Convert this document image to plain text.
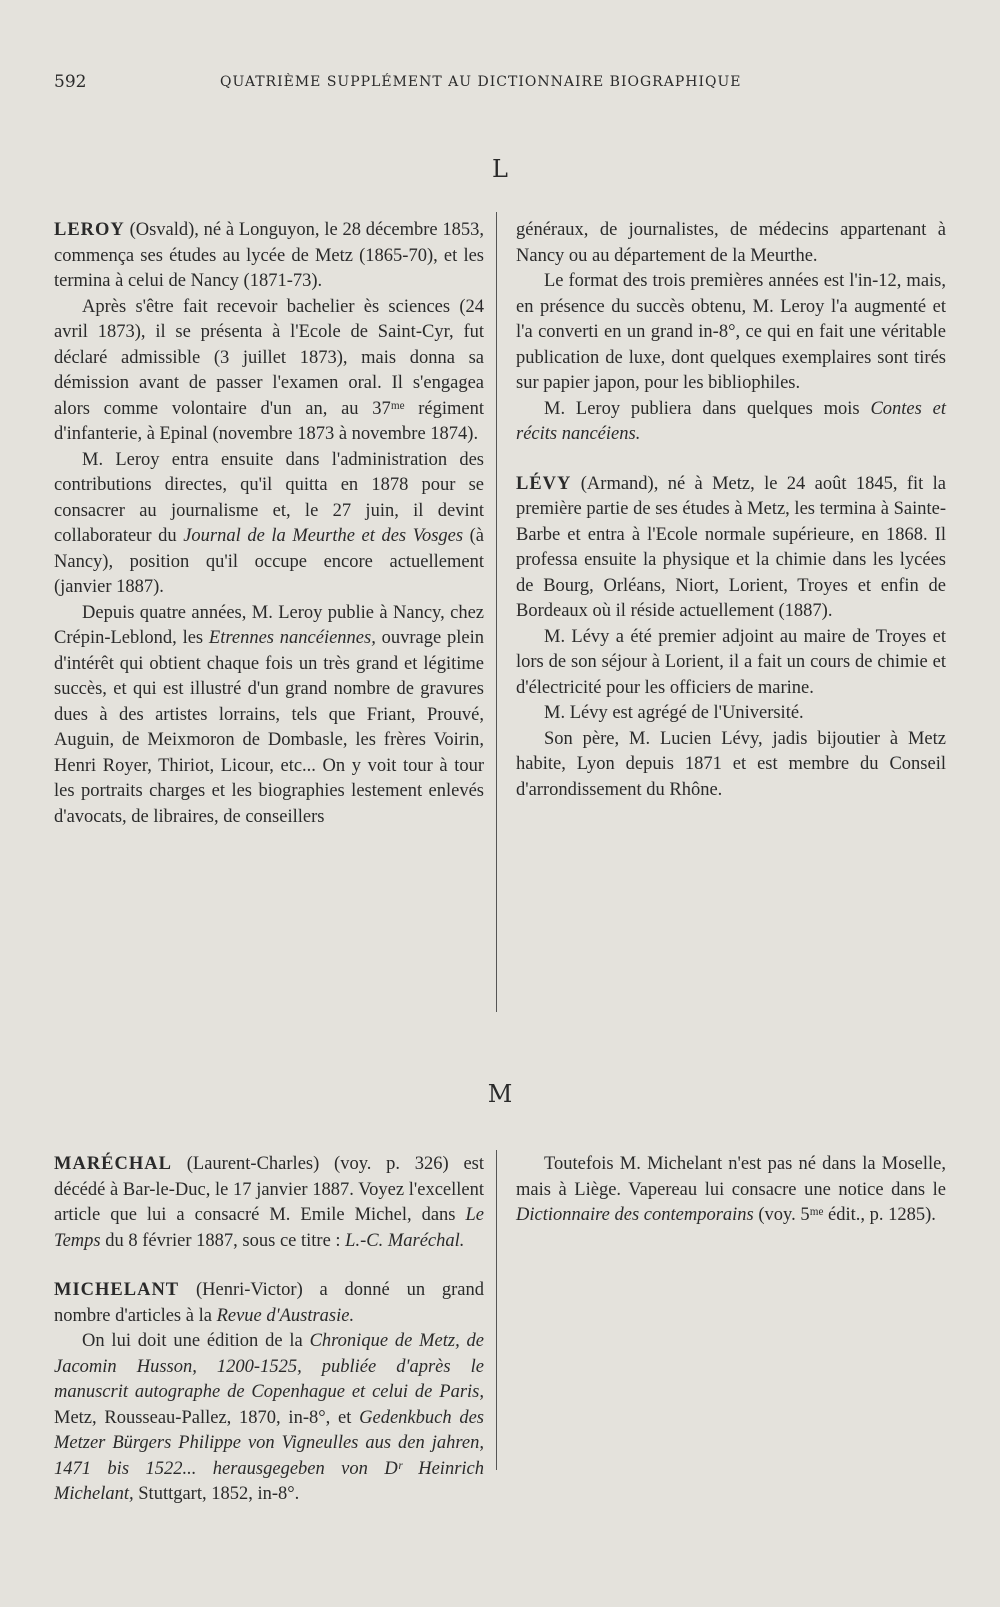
592	QUATRIÈME SUPPLÉMENT AU DICTIONNAIRE BIOGRAPHIQUE
L

LEROY (Osvald), né à Longuyon, le 28 décembre 1853, commença ses études au lycée de Metz (1865-70), et les termina à celui de Nancy (1871-73).

Après s'être fait recevoir bachelier ès sciences (24 avril 1873), il se présenta à l'Ecole de Saint-Cyr, fut déclaré admissible (3 juillet 1873), mais donna sa démission avant de passer l'examen oral. Il s'engagea alors comme volontaire d'un an, au 37ᵐᵉ régiment d'infanterie, à Epinal (novembre 1873 à novembre 1874).

M. Leroy entra ensuite dans l'administration des contributions directes, qu'il quitta en 1878 pour se consacrer au journalisme et, le 27 juin, il devint collaborateur du Journal de la Meurthe et des Vosges (à Nancy), position qu'il occupe encore actuellement (janvier 1887).

Depuis quatre années, M. Leroy publie à Nancy, chez Crépin-Leblond, les Etrennes nancéiennes, ouvrage plein d'intérêt qui obtient chaque fois un très grand et légitime succès, et qui est illustré d'un grand nombre de gravures dues à des artistes lorrains, tels que Friant, Prouvé, Auguin, de Meixmoron de Dombasle, les frères Voirin, Henri Royer, Thiriot, Licour, etc... On y voit tour à tour les portraits charges et les biographies lestement enlevés d'avocats, de libraires, de conseillers

généraux, de journalistes, de médecins appartenant à Nancy ou au département de la Meurthe.

Le format des trois premières années est l'in-12, mais, en présence du succès obtenu, M. Leroy l'a augmenté et l'a converti en un grand in-8°, ce qui en fait une véritable publication de luxe, dont quelques exemplaires sont tirés sur papier japon, pour les bibliophiles.

M. Leroy publiera dans quelques mois Contes et récits nancéiens.

LÉVY (Armand), né à Metz, le 24 août 1845, fit la première partie de ses études à Metz, les termina à Sainte-Barbe et entra à l'Ecole normale supérieure, en 1868. Il professa ensuite la physique et la chimie dans les lycées de Bourg, Orléans, Niort, Lorient, Troyes et enfin de Bordeaux où il réside actuellement (1887).

M. Lévy a été premier adjoint au maire de Troyes et lors de son séjour à Lorient, il a fait un cours de chimie et d'électricité pour les officiers de marine.

M. Lévy est agrégé de l'Université.

Son père, M. Lucien Lévy, jadis bijoutier à Metz habite, Lyon depuis 1871 et est membre du Conseil d'arrondissement du Rhône.

M

MARÉCHAL (Laurent-Charles) (voy. p. 326) est décédé à Bar-le-Duc, le 17 janvier 1887. Voyez l'excellent article que lui a consacré M. Emile Michel, dans Le Temps du 8 février 1887, sous ce titre : L.-C. Maréchal.

MICHELANT (Henri-Victor) a donné un grand nombre d'articles à la Revue d'Austrasie.

On lui doit une édition de la Chronique de Metz, de Jacomin Husson, 1200-1525, publiée d'après le manuscrit autographe de Copenhague et celui de Paris, Metz, Rousseau-Pallez, 1870, in-8°, et Gedenkbuch des Metzer Bürgers Philippe von Vigneulles aus den jahren, 1471 bis 1522... herausgegeben von Dʳ Heinrich Michelant, Stuttgart, 1852, in-8°.

Toutefois M. Michelant n'est pas né dans la Moselle, mais à Liège. Vapereau lui consacre une notice dans le Dictionnaire des contemporains (voy. 5ᵐᵉ édit., p. 1285).
